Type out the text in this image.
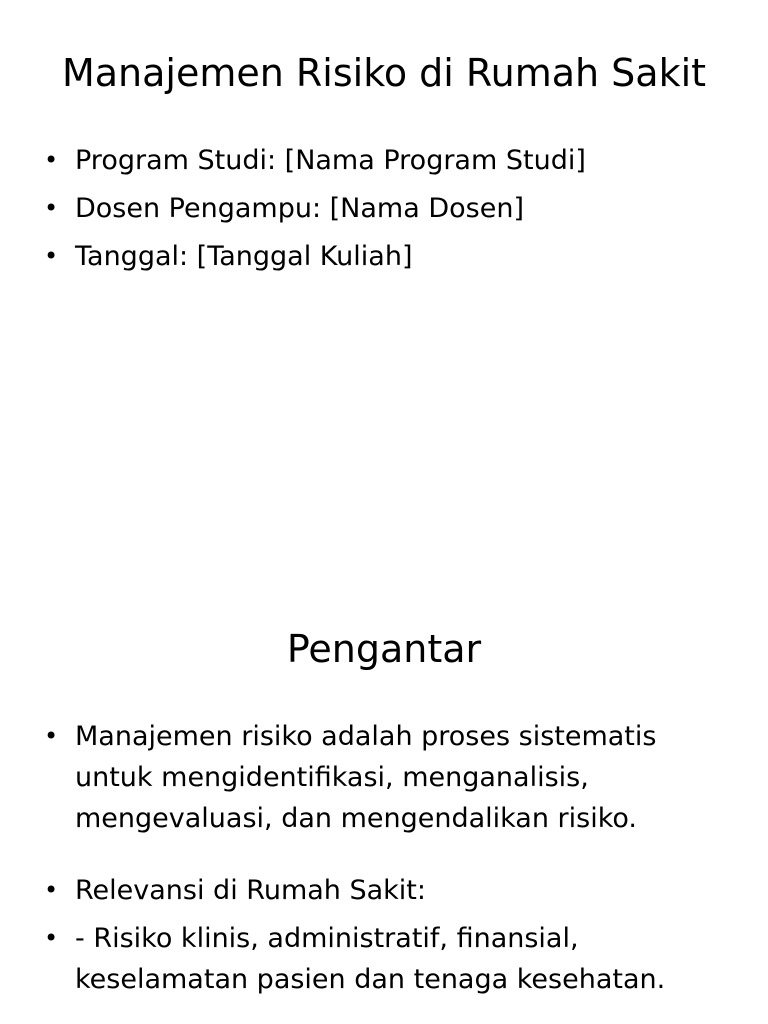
Manajemen Risiko di Rumah Sakit
• Program Studi: [Nama Program Studi]
• Dosen Pengampu: [Nama Dosen]
• Tanggal: [Tanggal Kuliah]
Pengantar
• Manajemen risiko adalah proses sistematis untuk mengidentifikasi, menganalisis, mengevaluasi, dan mengendalikan risiko.
• Relevansi di Rumah Sakit:
• - Risiko klinis, administratif, finansial, keselamatan pasien dan tenaga kesehatan.
